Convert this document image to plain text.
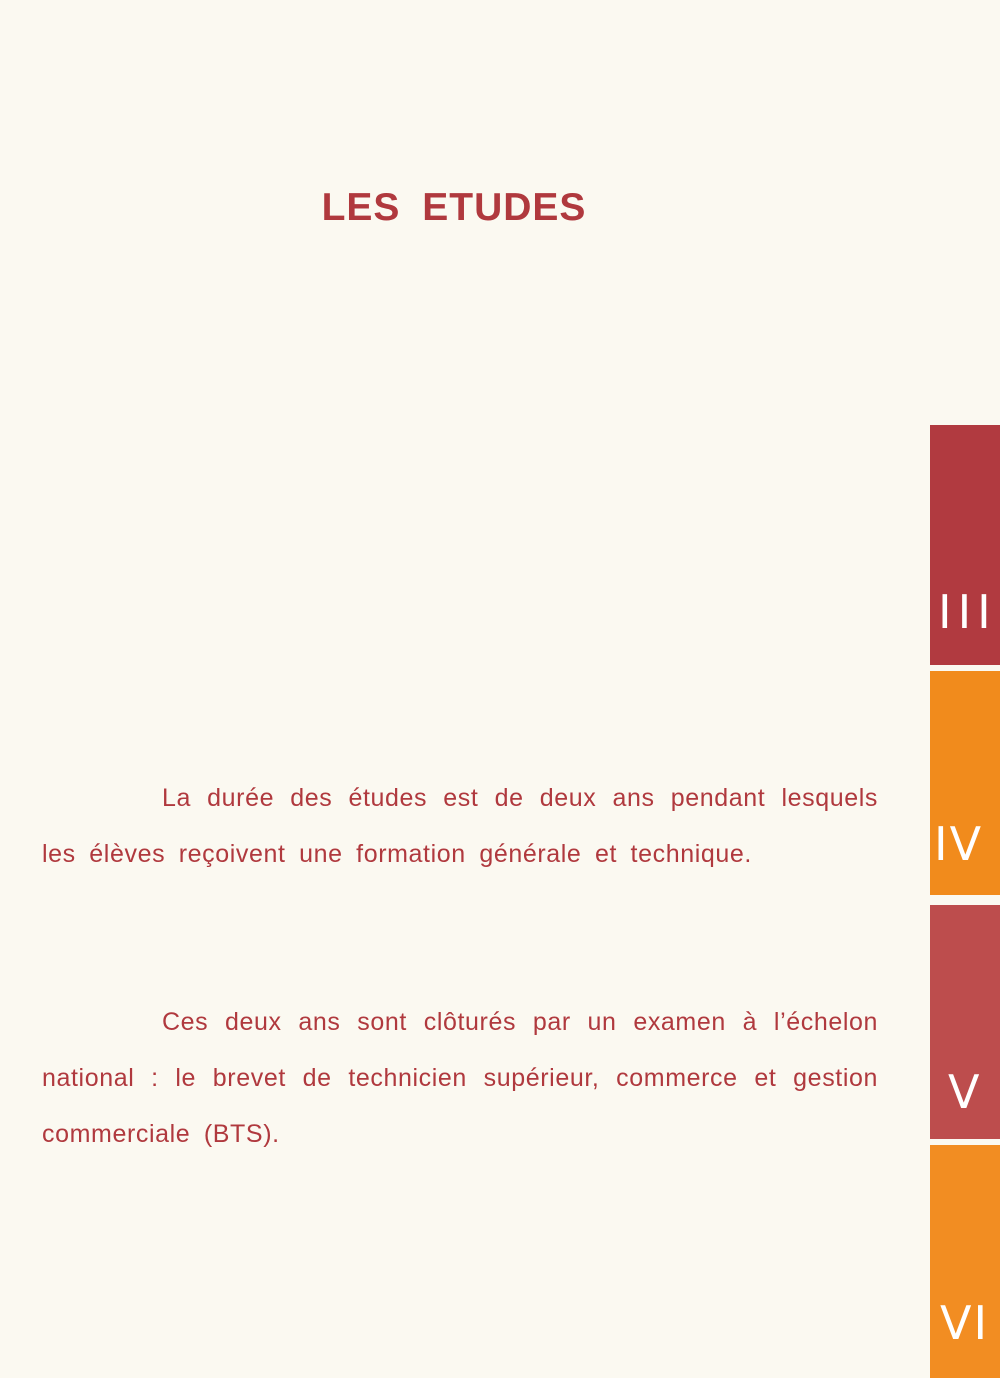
LES ETUDES

La durée des études est de deux ans pendant lesquels les élèves reçoivent une formation générale et technique.

Ces deux ans sont clôturés par un examen à l’échelon national : le brevet de technicien supérieur, commerce et gestion commerciale (BTS).

III
IV
V
VI
